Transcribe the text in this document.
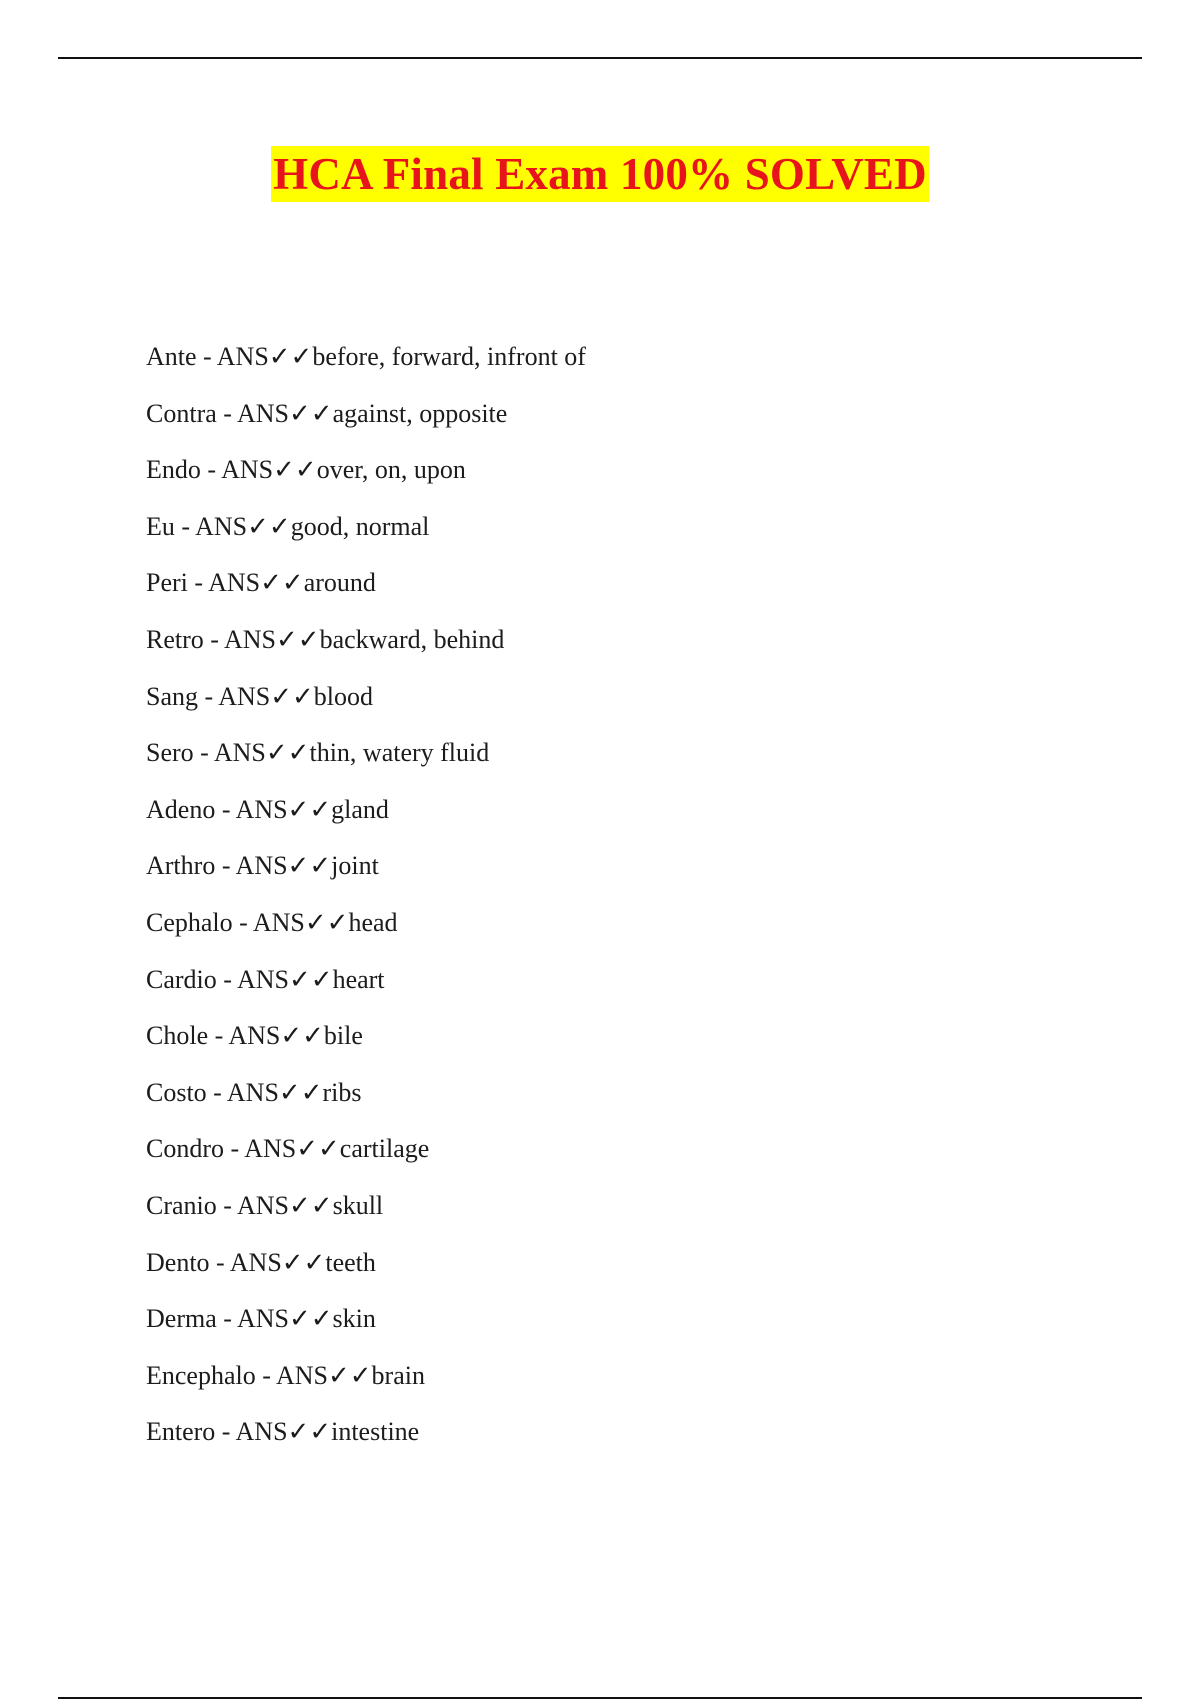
HCA Final Exam 100% SOLVED
Ante - ANS✓✓before, forward, infront of
Contra - ANS✓✓against, opposite
Endo - ANS✓✓over, on, upon
Eu - ANS✓✓good, normal
Peri - ANS✓✓around
Retro - ANS✓✓backward, behind
Sang - ANS✓✓blood
Sero - ANS✓✓thin, watery fluid
Adeno - ANS✓✓gland
Arthro - ANS✓✓joint
Cephalo - ANS✓✓head
Cardio - ANS✓✓heart
Chole - ANS✓✓bile
Costo - ANS✓✓ribs
Condro - ANS✓✓cartilage
Cranio - ANS✓✓skull
Dento - ANS✓✓teeth
Derma - ANS✓✓skin
Encephalo - ANS✓✓brain
Entero - ANS✓✓intestine
